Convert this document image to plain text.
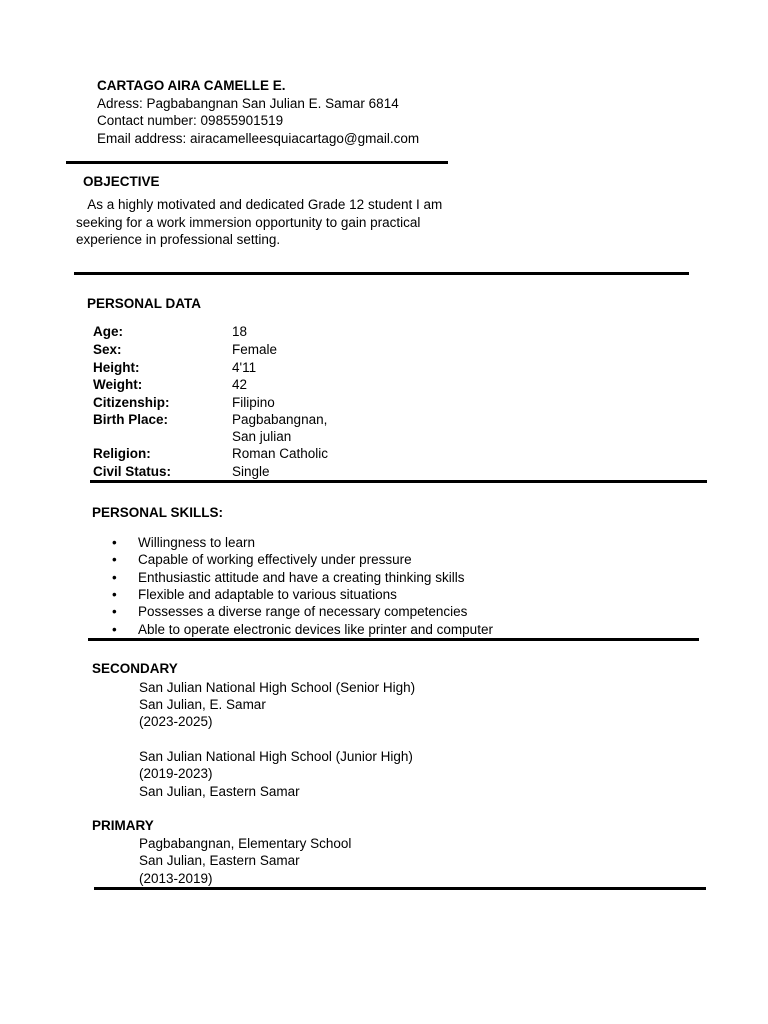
CARTAGO AIRA CAMELLE E.
Adress: Pagbabangnan San Julian E. Samar 6814
Contact number: 09855901519
Email address: airacamelleesquiacartago@gmail.com
OBJECTIVE
As a highly motivated and dedicated Grade 12 student I am seeking for a work immersion opportunity to gain practical experience in professional setting.
PERSONAL DATA
Age:	18
Sex:	Female
Height:	4'11
Weight:	42
Citizenship:	Filipino
Birth Place:	Pagbabangnan,
San julian
Religion:	Roman Catholic
Civil Status:	Single
PERSONAL SKILLS:
• Willingness to learn
• Capable of working effectively under pressure
• Enthusiastic attitude and have a creating thinking skills
• Flexible and adaptable to various situations
• Possesses a diverse range of necessary competencies
• Able to operate electronic devices like printer and computer
SECONDARY
San Julian National High School (Senior High)
San Julian, E. Samar
(2023-2025)
San Julian National High School (Junior High)
(2019-2023)
San Julian, Eastern Samar
PRIMARY
Pagbabangnan, Elementary School
San Julian, Eastern Samar
(2013-2019)
